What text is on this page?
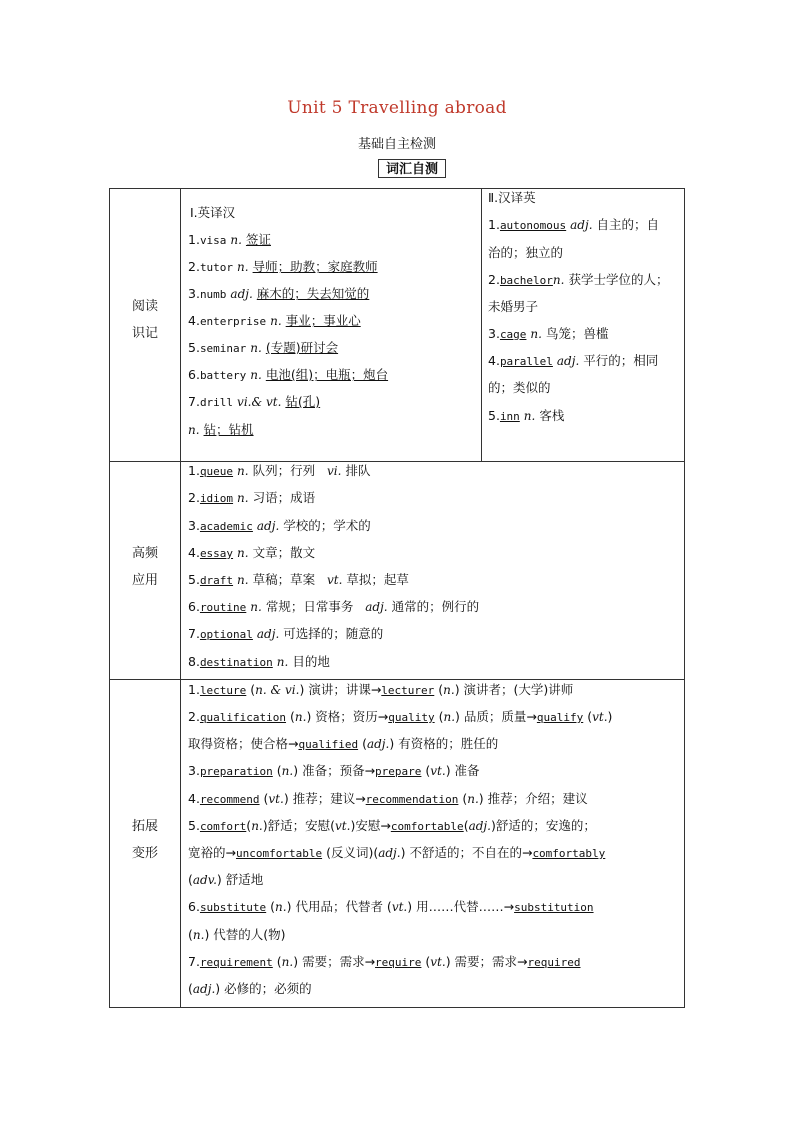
Unit 5 Travelling abroad
基础自主检测
词汇自测
阅读
识记
高频
应用
拓展
变形
Ⅰ.英译汉
1.visa n. 签证
2.tutor n. 导师；助教；家庭教师
3.numb adj. 麻木的；失去知觉的
4.enterprise n. 事业；事业心
5.seminar n. (专题)研讨会
6.battery n. 电池(组)；电瓶；炮台
7.drill vi.& vt. 钻(孔)
n. 钻；钻机
Ⅱ.汉译英
1.autonomous adj. 自主的；自
治的；独立的
2.bachelorn. 获学士学位的人；
未婚男子
3.cage n. 鸟笼；兽槛
4.parallel adj. 平行的；相同
的；类似的
5.inn n. 客栈
1.queue n. 队列；行列 vi. 排队
2.idiom n. 习语；成语
3.academic adj. 学校的；学术的
4.essay n. 文章；散文
5.draft n. 草稿；草案 vt. 草拟；起草
6.routine n. 常规；日常事务 adj. 通常的；例行的
7.optional adj. 可选择的；随意的
8.destination n. 目的地
1.lecture (n. & vi.) 演讲；讲课→lecturer (n.) 演讲者；(大学)讲师
2.qualification (n.) 资格；资历→quality (n.) 品质；质量→qualify (vt.)
取得资格；使合格→qualified (adj.) 有资格的；胜任的
3.preparation (n.) 准备；预备→prepare (vt.) 准备
4.recommend (vt.) 推荐；建议→recommendation (n.) 推荐；介绍；建议
5.comfort(n.)舒适；安慰(vt.)安慰→comfortable(adj.)舒适的；安逸的；
宽裕的→uncomfortable (反义词)(adj.) 不舒适的；不自在的→comfortably
(adv.) 舒适地
6.substitute (n.) 代用品；代替者 (vt.) 用……代替……→substitution
(n.) 代替的人(物)
7.requirement (n.) 需要；需求→require (vt.) 需要；需求→required
(adj.) 必修的；必须的
